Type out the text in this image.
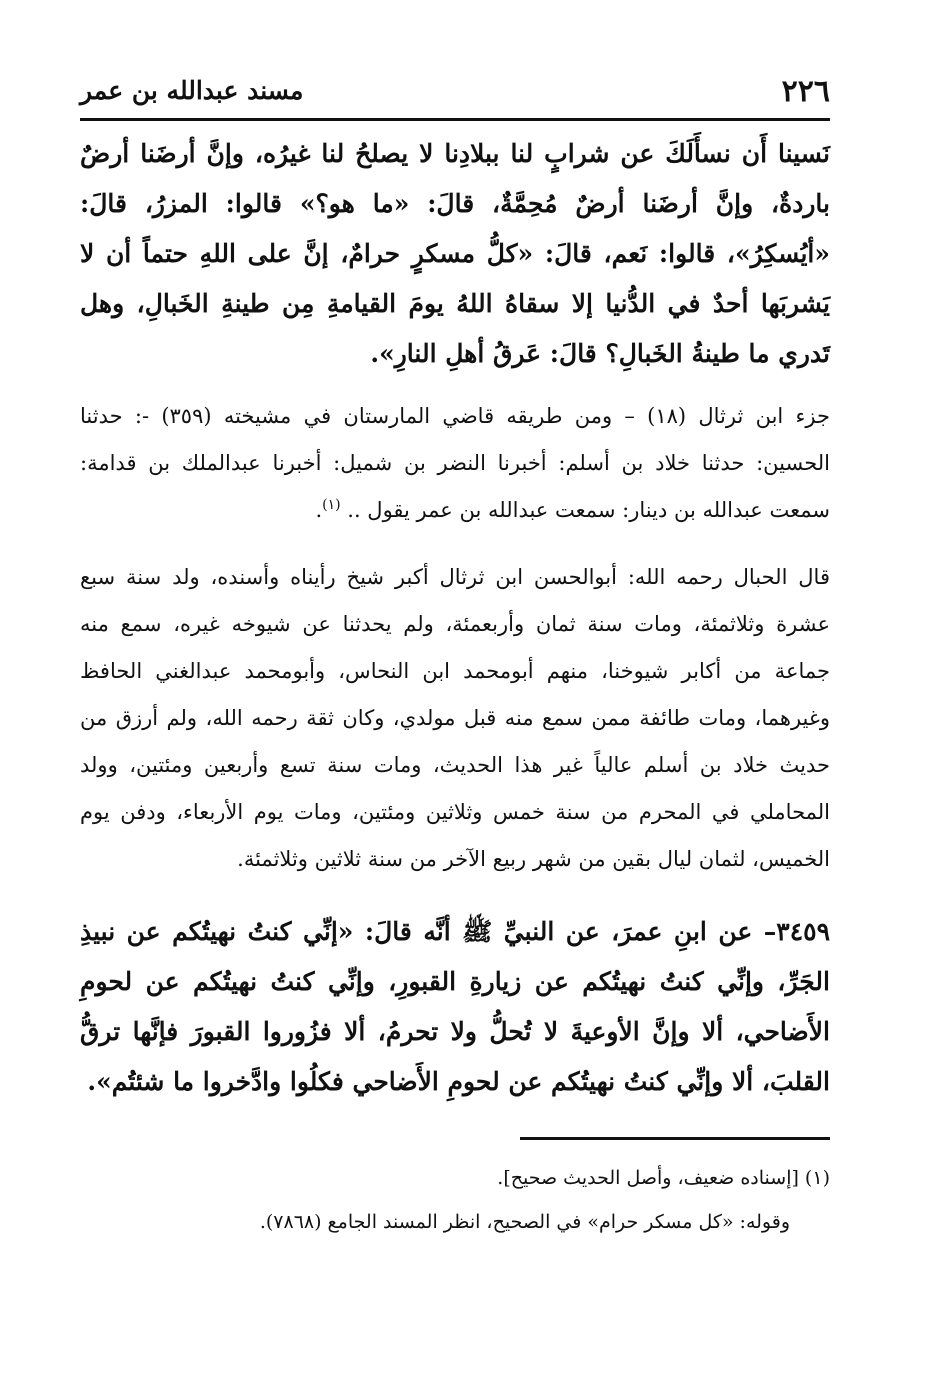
٢٢٦
مسند عبدالله بن عمر

نَسينا أَن نسأَلَكَ عن شرابٍ لنا ببلادِنا لا يصلحُ لنا غيرُه، وإنَّ أرضَنا أرضٌ باردةٌ، وإنَّ أرضَنا أرضٌ مُحِمَّةٌ، قالَ: «ما هو؟» قالوا: المزرُ، قالَ: «أيُسكِرُ»، قالوا: نَعم، قالَ: «كلُّ مسكرٍ حرامٌ، إنَّ على اللهِ حتماً أن لا يَشربَها أحدٌ في الدُّنيا إلا سقاهُ اللهُ يومَ القيامةِ مِن طينةِ الخَبالِ، وهل تَدري ما طينةُ الخَبالِ؟ قالَ: عَرقُ أهلِ النارِ».

جزء ابن ثرثال (١٨) – ومن طريقه قاضي المارستان في مشيخته (٣٥٩) -: حدثنا الحسين: حدثنا خلاد بن أسلم: أخبرنا النضر بن شميل: أخبرنا عبدالملك بن قدامة: سمعت عبدالله بن دينار: سمعت عبدالله بن عمر يقول .. $^{(١)}$.

قال الحبال رحمه الله: أبوالحسن ابن ثرثال أكبر شيخ رأيناه وأسنده، ولد سنة سبع عشرة وثلاثمئة، ومات سنة ثمان وأربعمئة، ولم يحدثنا عن شيوخه غيره، سمع منه جماعة من أكابر شيوخنا، منهم أبومحمد ابن النحاس، وأبومحمد عبدالغني الحافظ وغيرهما، ومات طائفة ممن سمع منه قبل مولدي، وكان ثقة رحمه الله، ولم أرزق من حديث خلاد بن أسلم عالياً غير هذا الحديث، ومات سنة تسع وأربعين ومئتين، وولد المحاملي في المحرم من سنة خمس وثلاثين ومئتين، ومات يوم الأربعاء، ودفن يوم الخميس، لثمان ليال بقين من شهر ربيع الآخر من سنة ثلاثين وثلاثمئة.

٣٤٥٩– عن ابنِ عمرَ، عن النبيِّ ﷺ أنَّه قالَ: «إنِّي كنتُ نهيتُكم عن نبيذِ الجَرِّ، وإنِّي كنتُ نهيتُكم عن زيارةِ القبورِ، وإنِّي كنتُ نهيتُكم عن لحومِ الأَضاحي، ألا وإنَّ الأوعيةَ لا تُحلُّ ولا تحرمُ، ألا فزُوروا القبورَ فإنَّها ترقُّ القلبَ، ألا وإنِّي كنتُ نهيتُكم عن لحومِ الأَضاحي فكلُوا وادَّخروا ما شئتُم».

(١) [إسناده ضعيف، وأصل الحديث صحيح].

وقوله: «كل مسكر حرام» في الصحيح، انظر المسند الجامع (٧٨٦٨).
